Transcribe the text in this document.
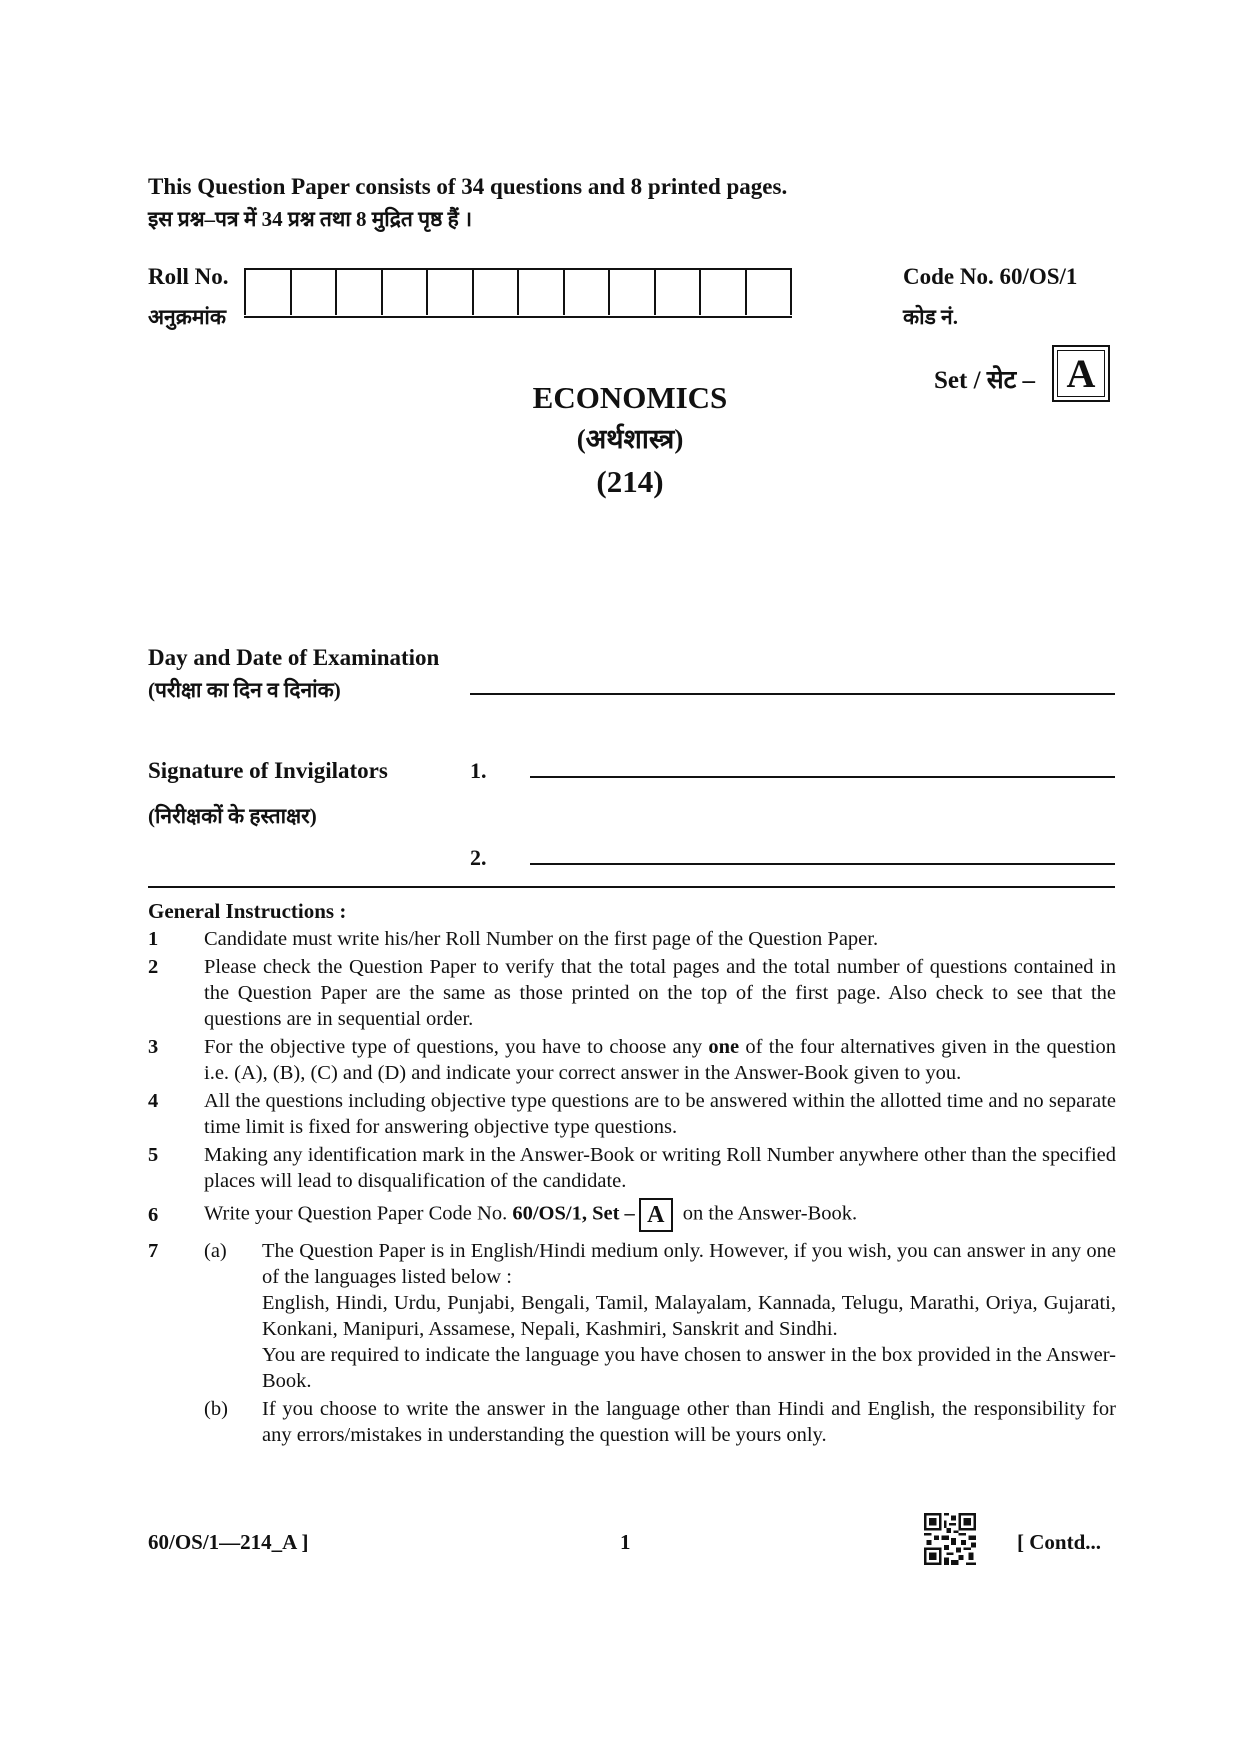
This Question Paper consists of 34 questions and 8 printed pages.
इस प्रश्न–पत्र में 34 प्रश्न तथा 8 मुद्रित पृष्ठ हैं ।
Roll No.
अनुक्रमांक
Code No. 60/OS/1
कोड नं.
Set / सेट – A
ECONOMICS
(अर्थशास्त्र)
(214)
Day and Date of Examination
(परीक्षा का दिन व दिनांक)
Signature of Invigilators
(निरीक्षकों के हस्ताक्षर)
1.
2.
General Instructions :
1	Candidate must write his/her Roll Number on the first page of the Question Paper.
2	Please check the Question Paper to verify that the total pages and the total number of questions contained in the Question Paper are the same as those printed on the top of the first page. Also check to see that the questions are in sequential order.
3	For the objective type of questions, you have to choose any one of the four alternatives given in the question i.e. (A), (B), (C) and (D) and indicate your correct answer in the Answer-Book given to you.
4	All the questions including objective type questions are to be answered within the allotted time and no separate time limit is fixed for answering objective type questions.
5	Making any identification mark in the Answer-Book or writing Roll Number anywhere other than the specified places will lead to disqualification of the candidate.
6	Write your Question Paper Code No. 60/OS/1, Set – A on the Answer-Book.
7	(a)	The Question Paper is in English/Hindi medium only. However, if you wish, you can answer in any one of the languages listed below :
English, Hindi, Urdu, Punjabi, Bengali, Tamil, Malayalam, Kannada, Telugu, Marathi, Oriya, Gujarati, Konkani, Manipuri, Assamese, Nepali, Kashmiri, Sanskrit and Sindhi.
You are required to indicate the language you have chosen to answer in the box provided in the Answer-Book.
(b)	If you choose to write the answer in the language other than Hindi and English, the responsibility for any errors/mistakes in understanding the question will be yours only.
60/OS/1—214_A ]	1	[ Contd...
